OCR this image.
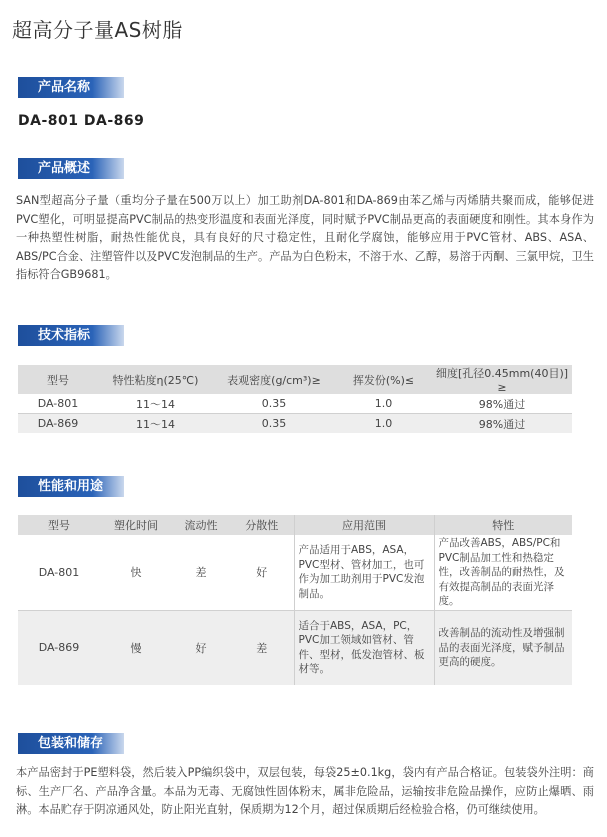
超高分子量AS树脂
产品名称
DA-801 DA-869
产品概述
SAN型超高分子量（重均分子量在500万以上）加工助剂DA-801和DA-869由苯乙烯与丙烯腈共聚而成，能够促进PVC塑化，可明显提高PVC制品的热变形温度和表面光泽度，同时赋予PVC制品更高的表面硬度和刚性。其本身作为一种热塑性树脂，耐热性能优良，具有良好的尺寸稳定性，且耐化学腐蚀，能够应用于PVC管材、ABS、ASA、ABS/PC合金、注塑管件以及PVC发泡制品的生产。产品为白色粉末，不溶于水、乙醇，易溶于丙酮、三氯甲烷，卫生指标符合GB9681。
技术指标
型号	特性粘度η(25℃)	表观密度(g/cm³)≥	挥发份(%)≤	细度[孔径0.45mm(40目)] ≥
DA-801	11～14	0.35	1.0	98%通过
DA-869	11～14	0.35	1.0	98%通过
性能和用途
型号	塑化时间	流动性	分散性	应用范围	特性
DA-801	快	差	好	产品适用于ABS，ASA，PVC型材、管材加工，也可作为加工助剂用于PVC发泡制品。	产品改善ABS，ABS/PC和PVC制品加工性和热稳定性，改善制品的耐热性，及有效提高制品的表面光泽度。
DA-869	慢	好	差	适合于ABS，ASA，PC，PVC加工领域如管材、管件、型材，低发泡管材、板材等。	改善制品的流动性及增强制品的表面光泽度，赋予制品更高的硬度。
包装和储存
本产品密封于PE塑料袋，然后装入PP编织袋中，双层包装，每袋25±0.1kg，袋内有产品合格证。包装袋外注明：商标、生产厂名、产品净含量。本品为无毒、无腐蚀性固体粉末，属非危险品，运输按非危险品操作，应防止爆晒、雨淋。本品贮存于阴凉通风处，防止阳光直射，保质期为12个月，超过保质期后经检验合格，仍可继续使用。
